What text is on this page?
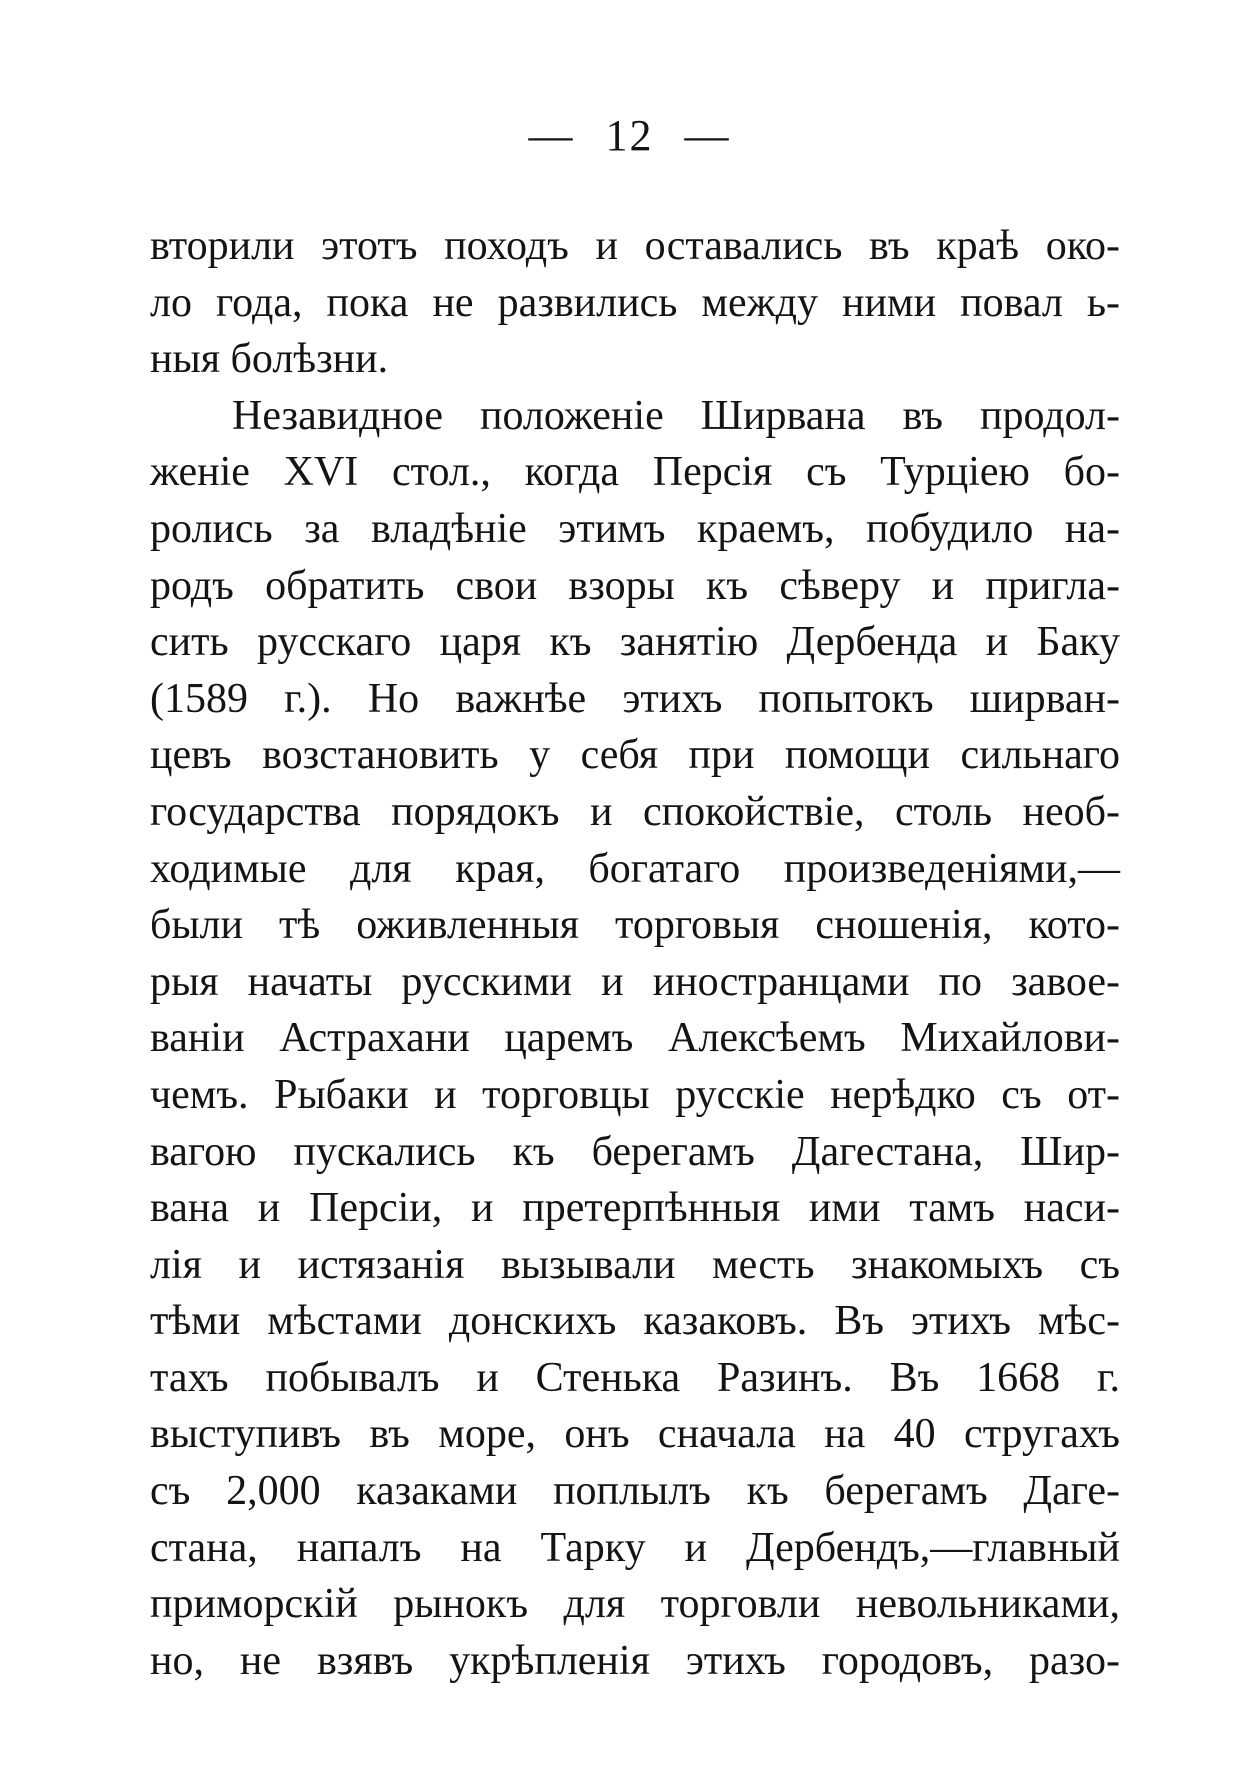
— 12 —
вторили этотъ походъ и оставались въ краѣ око-
ло года, пока не развились между ними повал ь-
ныя болѣзни.
Незавидное положеніе Ширвана въ продол-
женіе XVI стол., когда Персія съ Турціею бо-
ролись за владѣніе этимъ краемъ, побудило на-
родъ обратить свои взоры къ сѣверу и пригла-
сить русскаго царя къ занятію Дербенда и Баку
(1589 г.). Но важнѣе этихъ попытокъ ширван-
цевъ возстановить у себя при помощи сильнаго
государства порядокъ и спокойствіе, столь необ-
ходимые для края, богатаго произведеніями,—
были тѣ оживленныя торговыя сношенія, кото-
рыя начаты русскими и иностранцами по завое-
ваніи Астрахани царемъ Алексѣемъ Михайлови-
чемъ. Рыбаки и торговцы русскіе нерѣдко съ от-
вагою пускались къ берегамъ Дагестана, Шир-
вана и Персіи, и претерпѣнныя ими тамъ наси-
лія и истязанія вызывали месть знакомыхъ съ
тѣми мѣстами донскихъ казаковъ. Въ этихъ мѣс-
тахъ побывалъ и Стенька Разинъ. Въ 1668 г.
выступивъ въ море, онъ сначала на 40 стругахъ
съ 2,000 казаками поплылъ къ берегамъ Даге-
стана, напалъ на Тарку и Дербендъ,—главный
приморскій рынокъ для торговли невольниками,
но, не взявъ укрѣпленія этихъ городовъ, разо-
